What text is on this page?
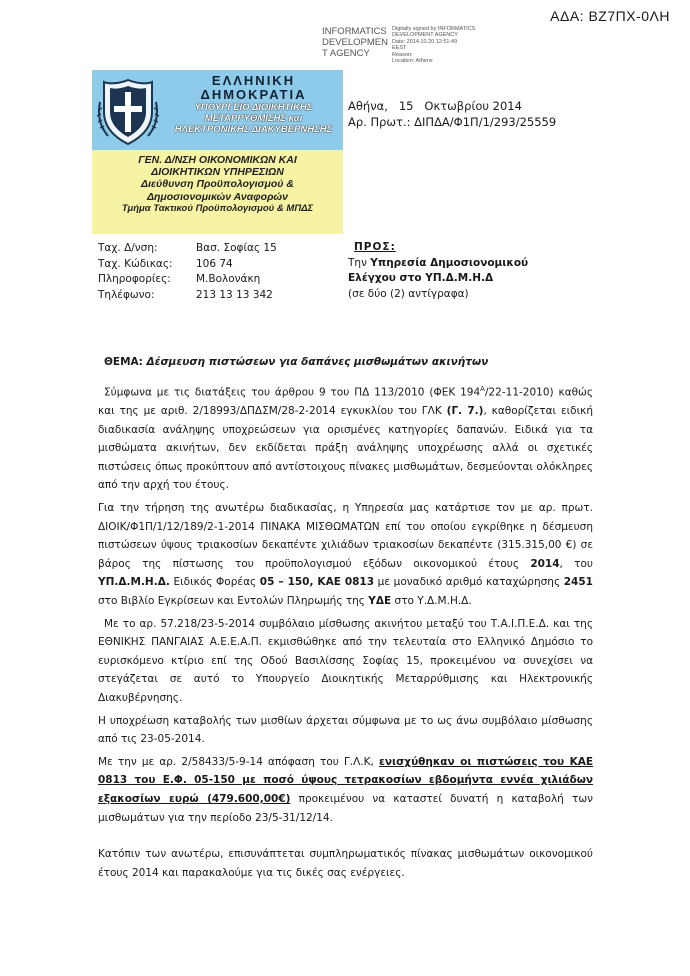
ΑΔΑ: ΒΖ7ΠΧ-0ΛΗ
INFORMATICS DEVELOPMEN T AGENCY
Digitally signed by INFORMATICS
DEVELOPMENT AGENCY
Date: 2014.10.20 12:51:49
EEST
Reason:
Location: Athens
ΕΛΛΗΝΙΚΗ
ΔΗΜΟΚΡΑΤΙΑ
ΥΠΟΥΡΓΕΙΟ ΔΙΟΙΚΗΤΙΚΗΣ
ΜΕΤΑΡΡΥΘΜΙΣΗΣ και
ΗΛΕΚΤΡΟΝΙΚΗΣ ΔΙΑΚΥΒΕΡΝΗΣΗΣ
ΓΕΝ. Δ/ΝΣΗ ΟΙΚΟΝΟΜΙΚΩΝ ΚΑΙ
ΔΙΟΙΚΗΤΙΚΩΝ ΥΠΗΡΕΣΙΩΝ
Διεύθυνση Προϋπολογισμού &
Δημοσιονομικών Αναφορών
Τμήμα Τακτικού Προϋπολογισμού & ΜΠΔΣ
Αθήνα,   15   Οκτωβρίου 2014
Αρ. Πρωτ.: ΔΙΠΔΑ/Φ1Π/1/293/25559
Ταχ. Δ/νση:	Βασ. Σοφίας 15
Ταχ. Κώδικας:	106 74
Πληροφορίες:	Μ.Βολονάκη
Τηλέφωνο:	213 13 13 342
ΠΡΟΣ:
Την Υπηρεσία Δημοσιονομικού
Ελέγχου στο ΥΠ.Δ.Μ.Η.Δ
(σε δύο (2) αντίγραφα)
ΘΕΜΑ: Δέσμευση πιστώσεων για δαπάνες μισθωμάτων ακινήτων

Σύμφωνα με τις διατάξεις του άρθρου 9 του ΠΔ 113/2010 (ΦΕΚ $194^A/22-11-2010$) καθώς και της με αριθ. 2/18993/ΔΠΔΣΜ/28-2-2014 εγκυκλίου του ΓΛΚ (Γ. 7.), καθορίζεται ειδική διαδικασία ανάληψης υποχρεώσεων για ορισμένες κατηγορίες δαπανών. Ειδικά για τα μισθώματα ακινήτων, δεν εκδίδεται πράξη ανάληψης υποχρέωσης αλλά οι σχετικές πιστώσεις όπως προκύπτουν από αντίστοιχους πίνακες μισθωμάτων, δεσμεύονται ολόκληρες από την αρχή του έτους.

Για την τήρηση της ανωτέρω διαδικασίας, η Υπηρεσία μας κατάρτισε τον με αρ. πρωτ. ΔΙΟΙΚ/Φ1Π/1/12/189/2-1-2014 ΠΙΝΑΚΑ ΜΙΣΘΩΜΑΤΩΝ επί του οποίου εγκρίθηκε η δέσμευση πιστώσεων ύψους τριακοσίων δεκαπέντε χιλιάδων τριακοσίων δεκαπέντε (315.315,00 €) σε βάρος της πίστωσης του προϋπολογισμού εξόδων οικονομικού έτους 2014, του ΥΠ.Δ.Μ.Η.Δ. Ειδικός Φορέας 05 – 150, ΚΑΕ 0813 με μοναδικό αριθμό καταχώρησης 2451 στο Βιβλίο Εγκρίσεων και Εντολών Πληρωμής της ΥΔΕ στο Υ.Δ.Μ.Η.Δ.

Με το αρ. 57.218/23-5-2014 συμβόλαιο μίσθωσης ακινήτου μεταξύ του Τ.Α.Ι.Π.Ε.Δ. και της ΕΘΝΙΚΗΣ ΠΑΝΓΑΙΑΣ Α.Ε.Ε.Α.Π. εκμισθώθηκε από την τελευταία στο Ελληνικό Δημόσιο το ευρισκόμενο κτίριο επί της Οδού Βασιλίσσης Σοφίας 15, προκειμένου να συνεχίσει να στεγάζεται σε αυτό το Υπουργείο Διοικητικής Μεταρρύθμισης και Ηλεκτρονικής Διακυβέρνησης.

Η υποχρέωση καταβολής των μισθίων άρχεται σύμφωνα με το ως άνω συμβόλαιο μίσθωσης από τις 23-05-2014.

Με την με αρ. 2/58433/5-9-14 απόφαση του Γ.Λ.Κ, ενισχύθηκαν οι πιστώσεις του ΚΑΕ 0813 του Ε.Φ. 05-150 με ποσό ύψους τετρακοσίων εβδομήντα εννέα χιλιάδων εξακοσίων ευρώ (479.600,00€) προκειμένου να καταστεί δυνατή η καταβολή των μισθωμάτων για την περίοδο 23/5-31/12/14.

Κατόπιν των ανωτέρω, επισυνάπτεται συμπληρωματικός πίνακας μισθωμάτων οικονομικού έτους 2014 και παρακαλούμε για τις δικές σας ενέργειες.
